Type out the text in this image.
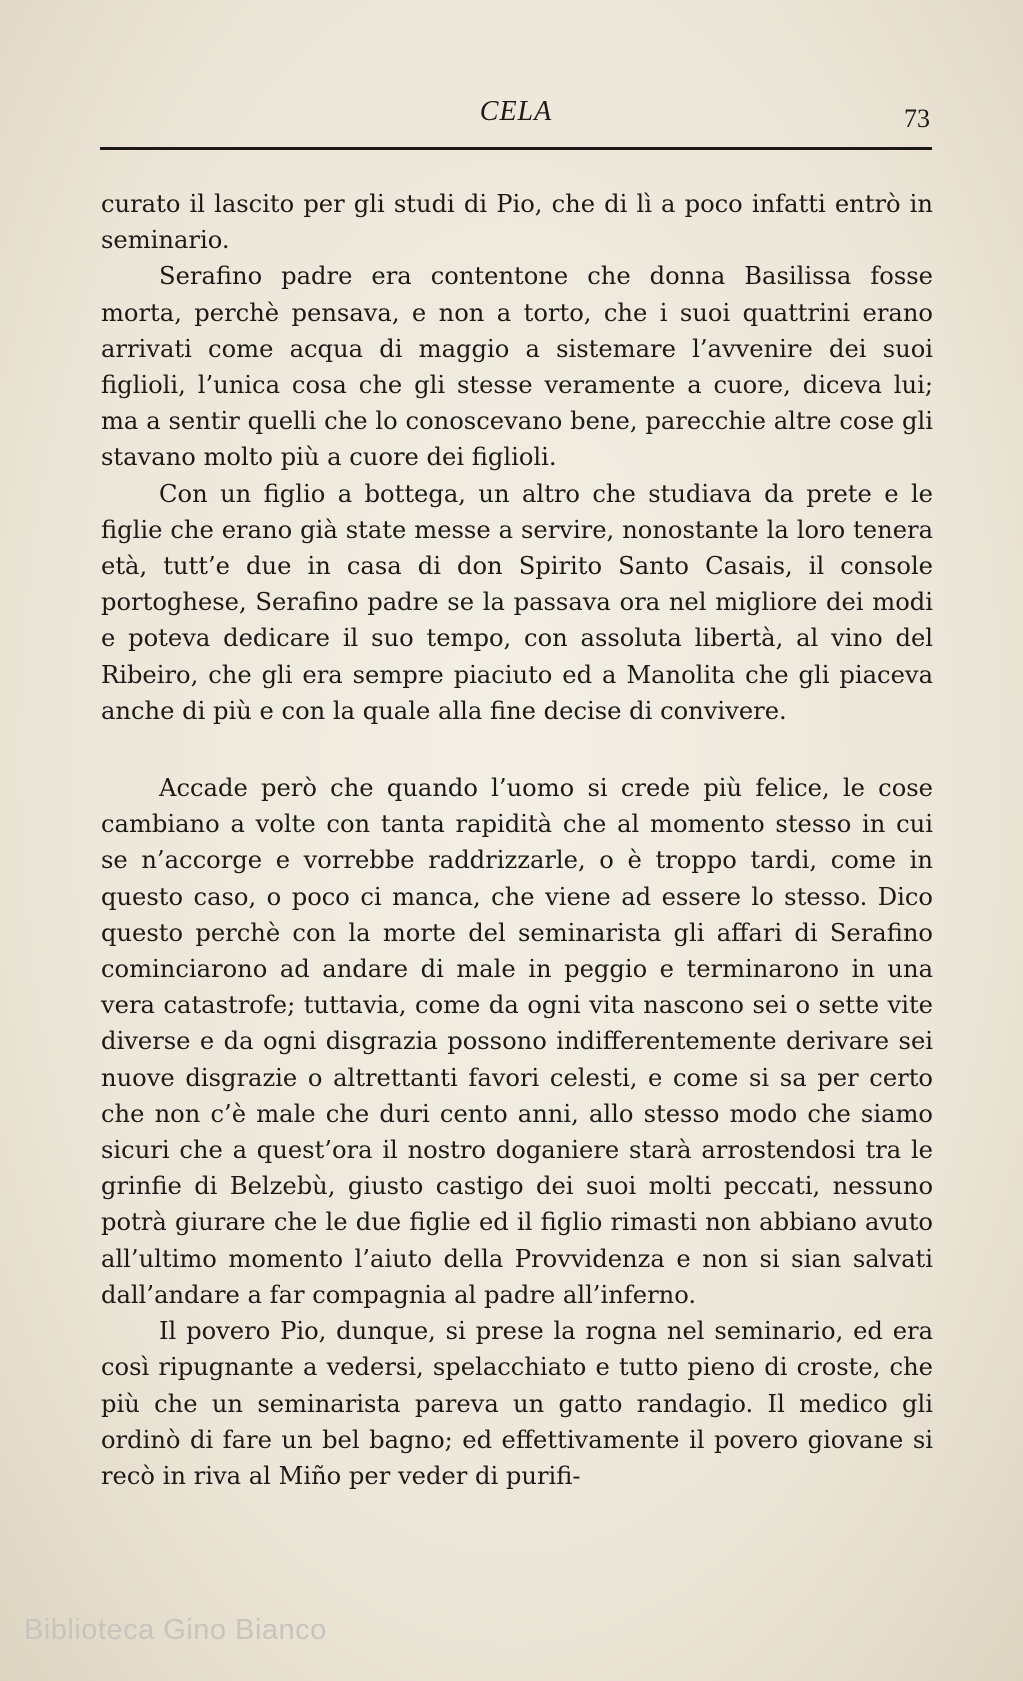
CELA	73

curato il lascito per gli studi di Pio, che di lì a poco infatti entrò in seminario.

Serafino padre era contentone che donna Basilissa fosse morta, perchè pensava, e non a torto, che i suoi quattrini erano arrivati come acqua di maggio a sistemare l’avvenire dei suoi figlioli, l’unica cosa che gli stesse veramente a cuore, diceva lui; ma a sentir quelli che lo conoscevano bene, parecchie altre cose gli stavano molto più a cuore dei figlioli.

Con un figlio a bottega, un altro che studiava da prete e le figlie che erano già state messe a servire, nonostante la loro tenera età, tutt’e due in casa di don Spirito Santo Casais, il console portoghese, Serafino padre se la passava ora nel migliore dei modi e poteva dedicare il suo tempo, con assoluta libertà, al vino del Ribeiro, che gli era sempre piaciuto ed a Manolita che gli piaceva anche di più e con la quale alla fine decise di convivere.

Accade però che quando l’uomo si crede più felice, le cose cambiano a volte con tanta rapidità che al momento stesso in cui se n’accorge e vorrebbe raddrizzarle, o è troppo tardi, come in questo caso, o poco ci manca, che viene ad essere lo stesso. Dico questo perchè con la morte del seminarista gli affari di Serafino cominciarono ad andare di male in peggio e terminarono in una vera catastrofe; tuttavia, come da ogni vita nascono sei o sette vite diverse e da ogni disgrazia possono indifferentemente derivare sei nuove disgrazie o altrettanti favori celesti, e come si sa per certo che non c’è male che duri cento anni, allo stesso modo che siamo sicuri che a quest’ora il nostro doganiere starà arrostendosi tra le grinfie di Belzebù, giusto castigo dei suoi molti peccati, nessuno potrà giurare che le due figlie ed il figlio rimasti non abbiano avuto all’ultimo momento l’aiuto della Provvidenza e non si sian salvati dall’andare a far compagnia al padre all’inferno.

Il povero Pio, dunque, si prese la rogna nel seminario, ed era così ripugnante a vedersi, spelacchiato e tutto pieno di croste, che più che un seminarista pareva un gatto randagio. Il medico gli ordinò di fare un bel bagno; ed effettivamente il povero giovane si recò in riva al Miño per veder di purifi-

Biblioteca Gino Bianco
